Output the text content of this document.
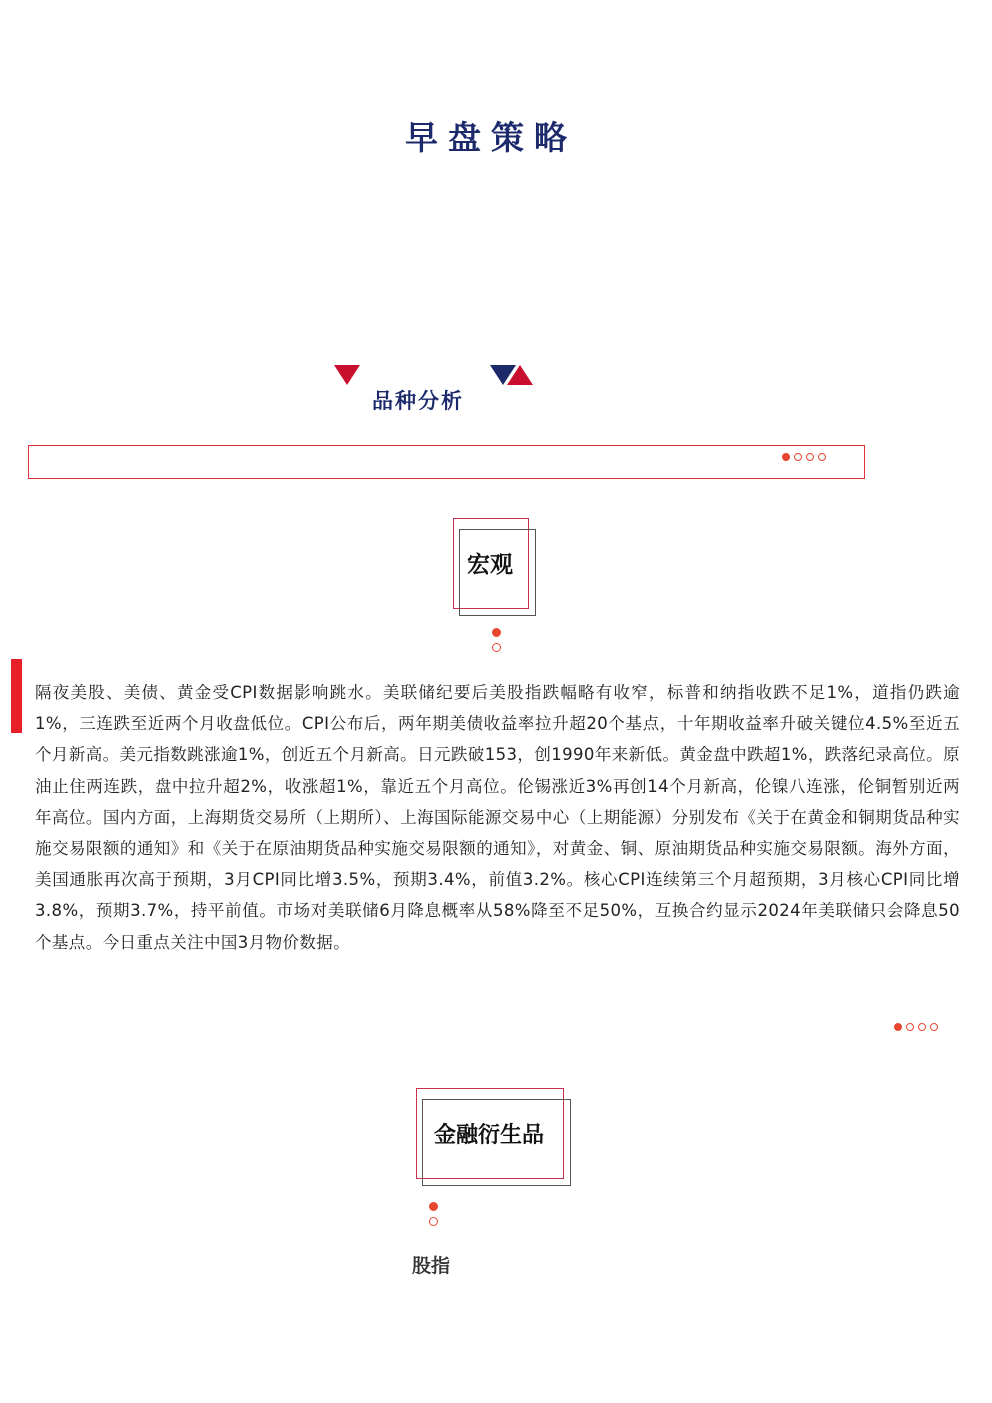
早盘策略
品种分析
宏观
隔夜美股、美债、黄金受CPI数据影响跳水。美联储纪要后美股指跌幅略有收窄，标普和纳指收跌不足1%，道指仍跌逾1%，三连跌至近两个月收盘低位。CPI公布后，两年期美债收益率拉升超20个基点，十年期收益率升破关键位4.5%至近五个月新高。美元指数跳涨逾1%，创近五个月新高。日元跌破153，创1990年来新低。黄金盘中跌超1%，跌落纪录高位。原油止住两连跌，盘中拉升超2%，收涨超1%，靠近五个月高位。伦锡涨近3%再创14个月新高，伦镍八连涨，伦铜暂别近两年高位。国内方面，上海期货交易所（上期所）、上海国际能源交易中心（上期能源）分别发布《关于在黄金和铜期货品种实施交易限额的通知》和《关于在原油期货品种实施交易限额的通知》，对黄金、铜、原油期货品种实施交易限额。海外方面，美国通胀再次高于预期，3月CPI同比增3.5%，预期3.4%，前值3.2%。核心CPI连续第三个月超预期，3月核心CPI同比增3.8%，预期3.7%，持平前值。市场对美联储6月降息概率从58%降至不足50%，互换合约显示2024年美联储只会降息50个基点。今日重点关注中国3月物价数据。
金融衍生品
股指
